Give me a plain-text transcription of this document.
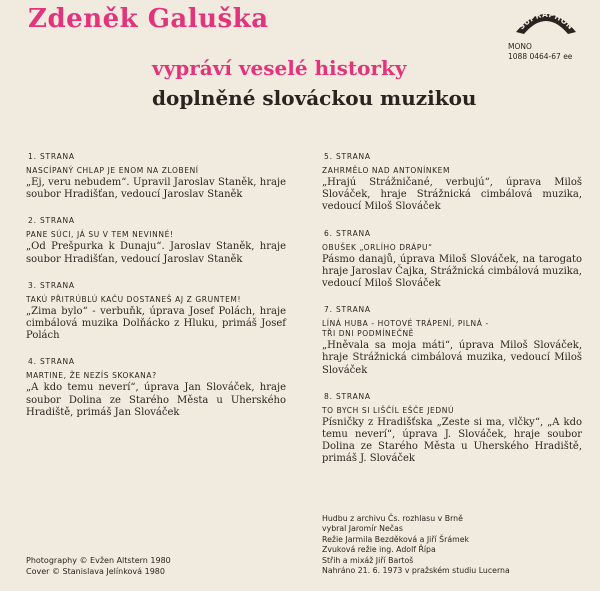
Zdeněk Galuška
vypráví veselé historky
doplněné slováckou muzikou
SUPRAPHON
MONO
1088 0464-67 ee
1. STRANA
NASCÍPANÝ CHLAP JE ENOM NA ZLOBENÍ
„Ej, veru nebudem“. Upravil Jaroslav Staněk, hraje soubor Hradišťan, vedoucí Jaroslav Staněk
2. STRANA
PANE SÚCI, JÁ SU V TEM NEVINNÉ!
„Od Prešpurka k Dunaju“. Jaroslav Staněk, hraje soubor Hradišťan, vedoucí Jaroslav Staněk
3. STRANA
TAKÚ PŘITRÚBLÚ KAČU DOSTANEŠ AJ Z GRUNTEM!
„Zima bylo“ - verbuňk, úprava Josef Polách, hraje cimbálová muzika Dolňácko z Hluku, primáš Josef Polách
4. STRANA
MARTINE, ŽE NEZÍS SKOKANA?
„A kdo temu neverí“, úprava Jan Slováček, hraje soubor Dolina ze Starého Města u Uherského Hradiště, primáš Jan Slováček
5. STRANA
ZAHRMĚLO NAD ANTONÍNKEM
„Hrajú Strážničané, verbujú“, úprava Miloš Slováček, hraje Strážnická cimbálová muzika, vedoucí Miloš Slováček
6. STRANA
OBUŠEK „ORLÍHO DRÁPU“
Pásmo danajů, úprava Miloš Slováček, na tarogato hraje Jaroslav Čajka, Strážnická cimbálová muzika, vedoucí Miloš Slováček
7. STRANA
LÍNÁ HUBA - HOTOVÉ TRÁPENÍ, PILNÁ -
TŘI DNI PODMÍNEČNĚ
„Hněvala sa moja máti“, úprava Miloš Slováček, hraje Strážnická cimbálová muzika, vedoucí Miloš Slováček
8. STRANA
TO BYCH SI LIŠČÍL EŠČE JEDNÚ
Písničky z Hradišťska „Zeste si ma, vlčky“, „A kdo temu neverí“, úprava J. Slováček, hraje soubor Dolina ze Starého Města u Uherského Hradiště, primáš J. Slováček
Hudbu z archivu Čs. rozhlasu v Brně
vybral Jaromír Nečas
Režie Jarmila Bezděková a Jiří Šrámek
Zvuková režie ing. Adolf Řípa
Střih a mixáž Jiří Bartoš
Nahráno 21. 6. 1973 v pražském studiu Lucerna
Photography © Evžen Altstern 1980
Cover © Stanislava Jelínková 1980
